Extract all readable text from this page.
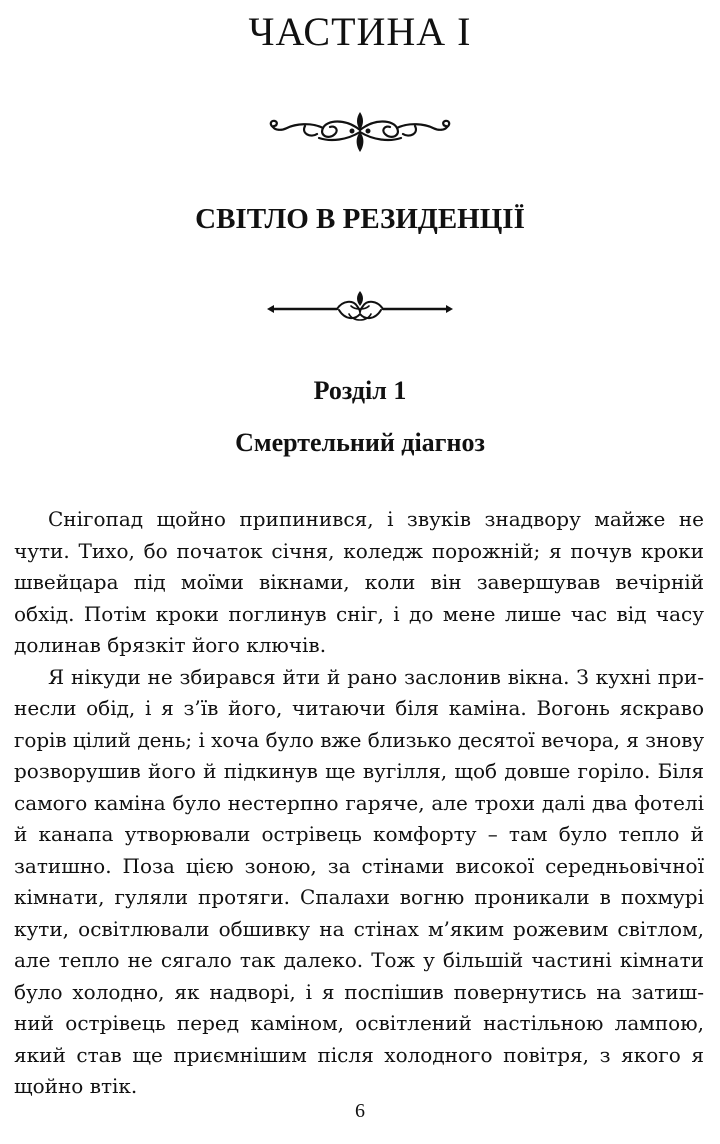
ЧАСТИНА I
СВІТЛО В РЕЗИДЕНЦІЇ
Розділ 1
Смертельний діагноз
Снігопад щойно припинився, і звуків знадвору майже не
чути. Тихо, бо початок січня, коледж порожній; я почув кроки
швейцара під моїми вікнами, коли він завершував вечірній
обхід. Потім кроки поглинув сніг, і до мене лише час від часу
долинав брязкіт його ключів.
Я нікуди не збирався йти й рано заслонив вікна. З кухні при-
несли обід, і я з’їв його, читаючи біля каміна. Вогонь яскраво
горів цілий день; і хоча було вже близько десятої вечора, я знову
розворушив його й підкинув ще вугілля, щоб довше горіло. Біля
самого каміна було нестерпно гаряче, але трохи далі два фотелі
й канапа утворювали острівець комфорту – там було тепло й
затишно. Поза цією зоною, за стінами високої середньовічної
кімнати, гуляли протяги. Спалахи вогню проникали в похмурі
кути, освітлювали обшивку на стінах м’яким рожевим світлом,
але тепло не сягало так далеко. Тож у більшій частині кімнати
було холодно, як надворі, і я поспішив повернутись на затиш-
ний острівець перед каміном, освітлений настільною лампою,
який став ще приємнішим після холодного повітря, з якого я
щойно втік.
6
